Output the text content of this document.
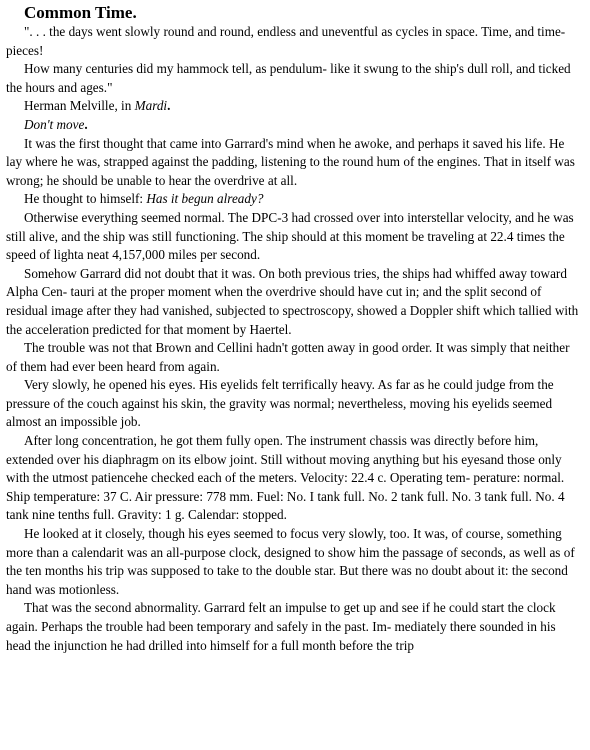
Common Time.

". . . the days went slowly round and round, endless and uneventful as cycles in space. Time, and time-pieces!

How many centuries did my hammock tell, as pendulum- like it swung to the ship's dull roll, and ticked the hours and ages."

Herman Melville, in Mardi.

Don't move.

It was the first thought that came into Garrard's mind when he awoke, and perhaps it saved his life. He lay where he was, strapped against the padding, listening to the round hum of the engines. That in itself was wrong; he should be unable to hear the overdrive at all.

He thought to himself: Has it begun already?

Otherwise everything seemed normal. The DPC-3 had crossed over into interstellar velocity, and he was still alive, and the ship was still functioning. The ship should at this moment be traveling at 22.4 times the speed of lighta neat 4,157,000 miles per second.

Somehow Garrard did not doubt that it was. On both previous tries, the ships had whiffed away toward Alpha Cen- tauri at the proper moment when the overdrive should have cut in; and the split second of residual image after they had vanished, subjected to spectroscopy, showed a Doppler shift which tallied with the acceleration predicted for that moment by Haertel.

The trouble was not that Brown and Cellini hadn't gotten away in good order. It was simply that neither of them had ever been heard from again.

Very slowly, he opened his eyes. His eyelids felt terrifically heavy. As far as he could judge from the pressure of the couch against his skin, the gravity was normal; nevertheless, moving his eyelids seemed almost an impossible job.

After long concentration, he got them fully open. The instrument chassis was directly before him, extended over his diaphragm on its elbow joint. Still without moving anything but his eyesand those only with the utmost patiencehe checked each of the meters. Velocity: 22.4 c. Operating tem- perature: normal. Ship temperature: 37 C. Air pressure: 778 mm. Fuel: No. I tank full. No. 2 tank full. No. 3 tank full. No. 4 tank nine tenths full. Gravity: 1 g. Calendar: stopped.

He looked at it closely, though his eyes seemed to focus very slowly, too. It was, of course, something more than a calendarit was an all-purpose clock, designed to show him the passage of seconds, as well as of the ten months his trip was supposed to take to the double star. But there was no doubt about it: the second hand was motionless.

That was the second abnormality. Garrard felt an impulse to get up and see if he could start the clock again. Perhaps the trouble had been temporary and safely in the past. Im- mediately there sounded in his head the injunction he had drilled into himself for a full month before the trip
